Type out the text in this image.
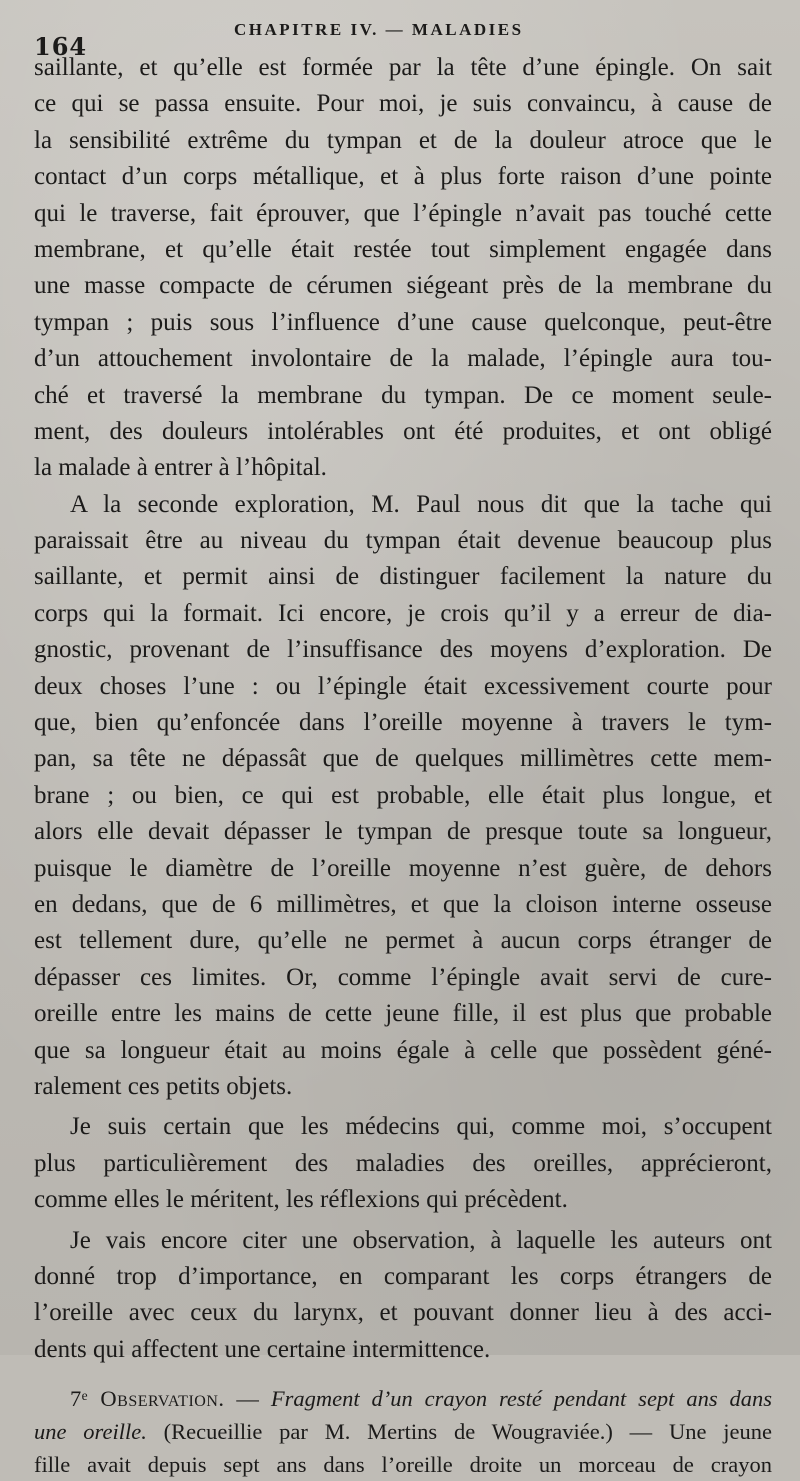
164
CHAPITRE IV. — MALADIES
saillante, et qu’elle est formée par la tête d’une épingle. On sait
ce qui se passa ensuite. Pour moi, je suis convaincu, à cause de
la sensibilité extrême du tympan et de la douleur atroce que le
contact d’un corps métallique, et à plus forte raison d’une pointe
qui le traverse, fait éprouver, que l’épingle n’avait pas touché cette
membrane, et qu’elle était restée tout simplement engagée dans
une masse compacte de cérumen siégeant près de la membrane du
tympan ; puis sous l’influence d’une cause quelconque, peut-être
d’un attouchement involontaire de la malade, l’épingle aura tou-
ché et traversé la membrane du tympan. De ce moment seule-
ment, des douleurs intolérables ont été produites, et ont obligé
la malade à entrer à l’hôpital.
A la seconde exploration, M. Paul nous dit que la tache qui
paraissait être au niveau du tympan était devenue beaucoup plus
saillante, et permit ainsi de distinguer facilement la nature du
corps qui la formait. Ici encore, je crois qu’il y a erreur de dia-
gnostic, provenant de l’insuffisance des moyens d’exploration. De
deux choses l’une : ou l’épingle était excessivement courte pour
que, bien qu’enfoncée dans l’oreille moyenne à travers le tym-
pan, sa tête ne dépassât que de quelques millimètres cette mem-
brane ; ou bien, ce qui est probable, elle était plus longue, et
alors elle devait dépasser le tympan de presque toute sa longueur,
puisque le diamètre de l’oreille moyenne n’est guère, de dehors
en dedans, que de 6 millimètres, et que la cloison interne osseuse
est tellement dure, qu’elle ne permet à aucun corps étranger de
dépasser ces limites. Or, comme l’épingle avait servi de cure-
oreille entre les mains de cette jeune fille, il est plus que probable
que sa longueur était au moins égale à celle que possèdent géné-
ralement ces petits objets.
Je suis certain que les médecins qui, comme moi, s’occupent
plus particulièrement des maladies des oreilles, apprécieront,
comme elles le méritent, les réflexions qui précèdent.
Je vais encore citer une observation, à laquelle les auteurs ont
donné trop d’importance, en comparant les corps étrangers de
l’oreille avec ceux du larynx, et pouvant donner lieu à des acci-
dents qui affectent une certaine intermittence.
7ᵉ Observation. — Fragment d’un crayon resté pendant sept ans dans
une oreille. (Recueillie par M. Mertins de Wougraviée.) — Une jeune
fille avait depuis sept ans dans l’oreille droite un morceau de crayon
